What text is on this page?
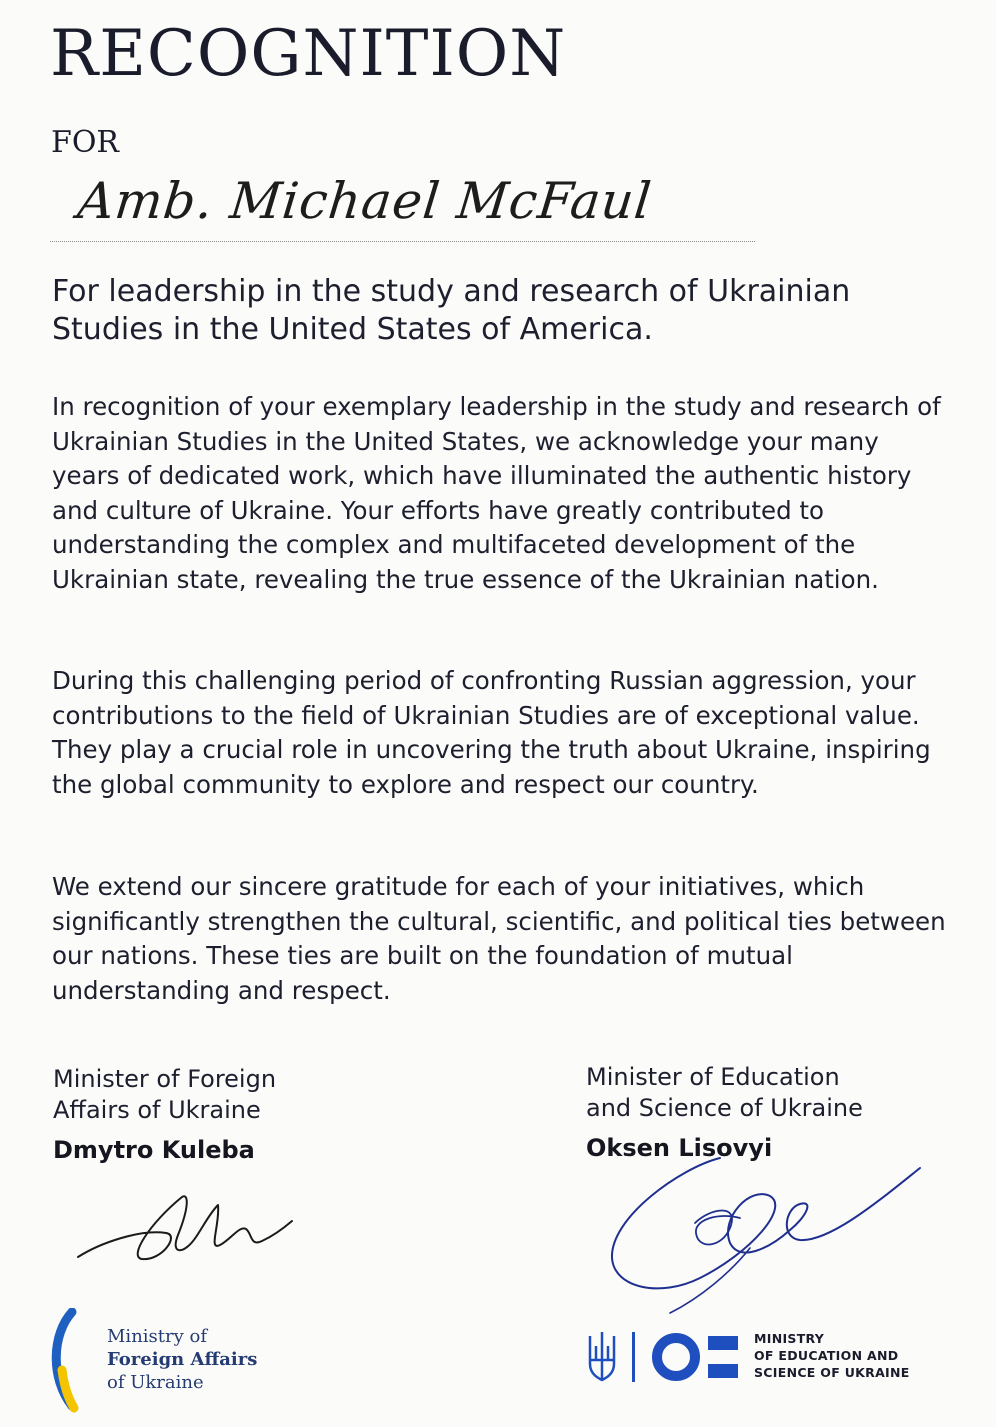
RECOGNITION
FOR
Amb. Michael McFaul
For leadership in the study and research of Ukrainian Studies in the United States of America.
In recognition of your exemplary leadership in the study and research of Ukrainian Studies in the United States, we acknowledge your many years of dedicated work, which have illuminated the authentic history and culture of Ukraine. Your efforts have greatly contributed to understanding the complex and multifaceted development of the Ukrainian state, revealing the true essence of the Ukrainian nation.
During this challenging period of confronting Russian aggression, your contributions to the field of Ukrainian Studies are of exceptional value. They play a crucial role in uncovering the truth about Ukraine, inspiring the global community to explore and respect our country.
We extend our sincere gratitude for each of your initiatives, which significantly strengthen the cultural, scientific, and political ties between our nations. These ties are built on the foundation of mutual understanding and respect.
Minister of Foreign
Affairs of Ukraine
Dmytro Kuleba
Minister of Education
and Science of Ukraine
Oksen Lisovyi
Ministry of
Foreign Affairs
of Ukraine
MINISTRY
OF EDUCATION AND
SCIENCE OF UKRAINE
